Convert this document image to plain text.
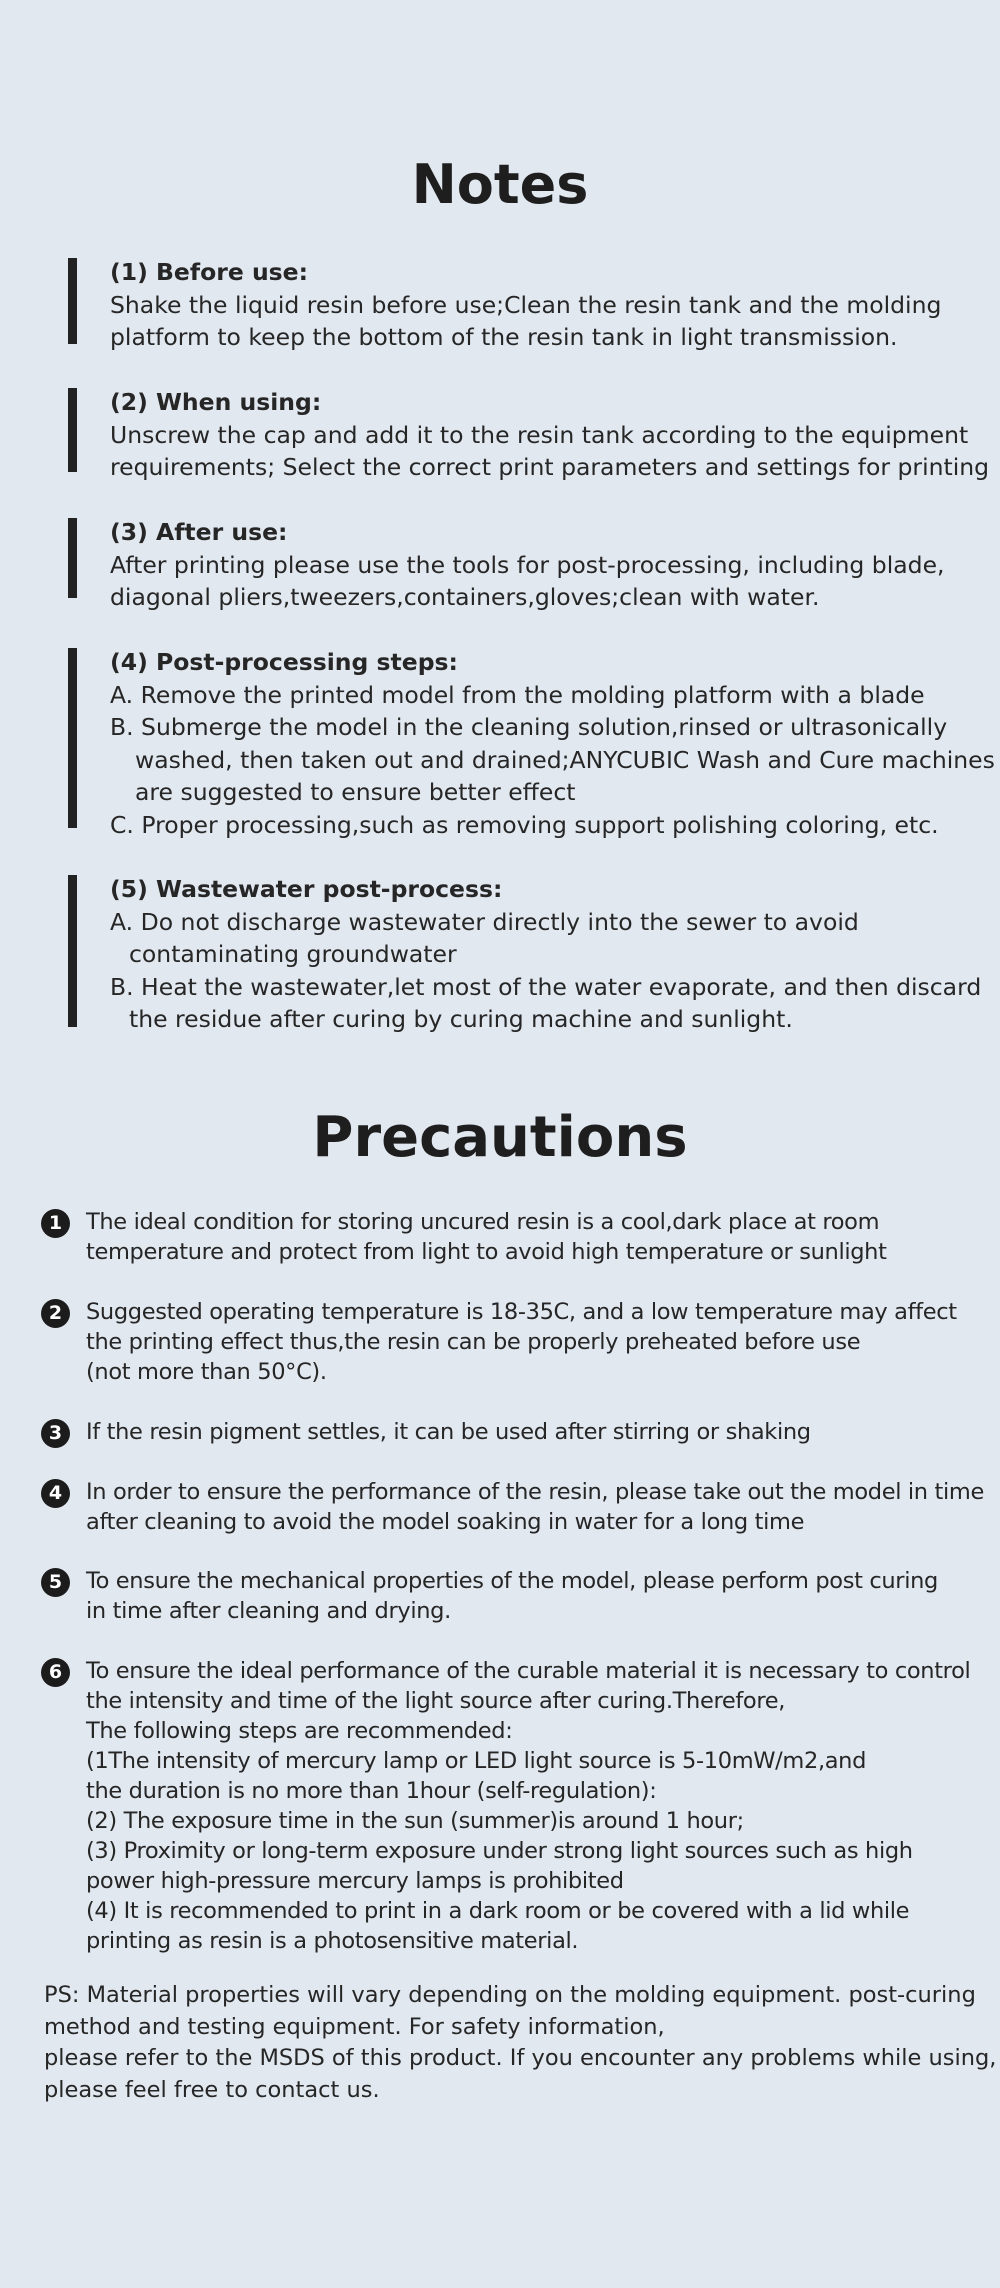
Notes
(1) Before use:
Shake the liquid resin before use;Clean the resin tank and the molding
platform to keep the bottom of the resin tank in light transmission.
(2) When using:
Unscrew the cap and add it to the resin tank according to the equipment
requirements; Select the correct print parameters and settings for printing
(3) After use:
After printing please use the tools for post-processing, including blade,
diagonal pliers,tweezers,containers,gloves;clean with water.
(4) Post-processing steps:
A. Remove the printed model from the molding platform with a blade
B. Submerge the model in the cleaning solution,rinsed or ultrasonically
washed, then taken out and drained;ANYCUBIC Wash and Cure machines
are suggested to ensure better effect
C. Proper processing,such as removing support polishing coloring, etc.
(5) Wastewater post-process:
A. Do not discharge wastewater directly into the sewer to avoid
contaminating groundwater
B. Heat the wastewater,let most of the water evaporate, and then discard
the residue after curing by curing machine and sunlight.
Precautions
1	The ideal condition for storing uncured resin is a cool,dark place at room
temperature and protect from light to avoid high temperature or sunlight
2	Suggested operating temperature is 18-35C, and a low temperature may affect
the printing effect thus,the resin can be properly preheated before use
(not more than 50°C).
3	If the resin pigment settles, it can be used after stirring or shaking
4	In order to ensure the performance of the resin, please take out the model in time
after cleaning to avoid the model soaking in water for a long time
5	To ensure the mechanical properties of the model, please perform post curing
in time after cleaning and drying.
6	To ensure the ideal performance of the curable material it is necessary to control
the intensity and time of the light source after curing.Therefore,
The following steps are recommended:
(1The intensity of mercury lamp or LED light source is 5-10mW/m2,and
the duration is no more than 1hour (self-regulation):
(2) The exposure time in the sun (summer)is around 1 hour;
(3) Proximity or long-term exposure under strong light sources such as high
power high-pressure mercury lamps is prohibited
(4) It is recommended to print in a dark room or be covered with a lid while
printing as resin is a photosensitive material.
PS: Material properties will vary depending on the molding equipment. post-curing
method and testing equipment. For safety information,
please refer to the MSDS of this product. If you encounter any problems while using,
please feel free to contact us.
